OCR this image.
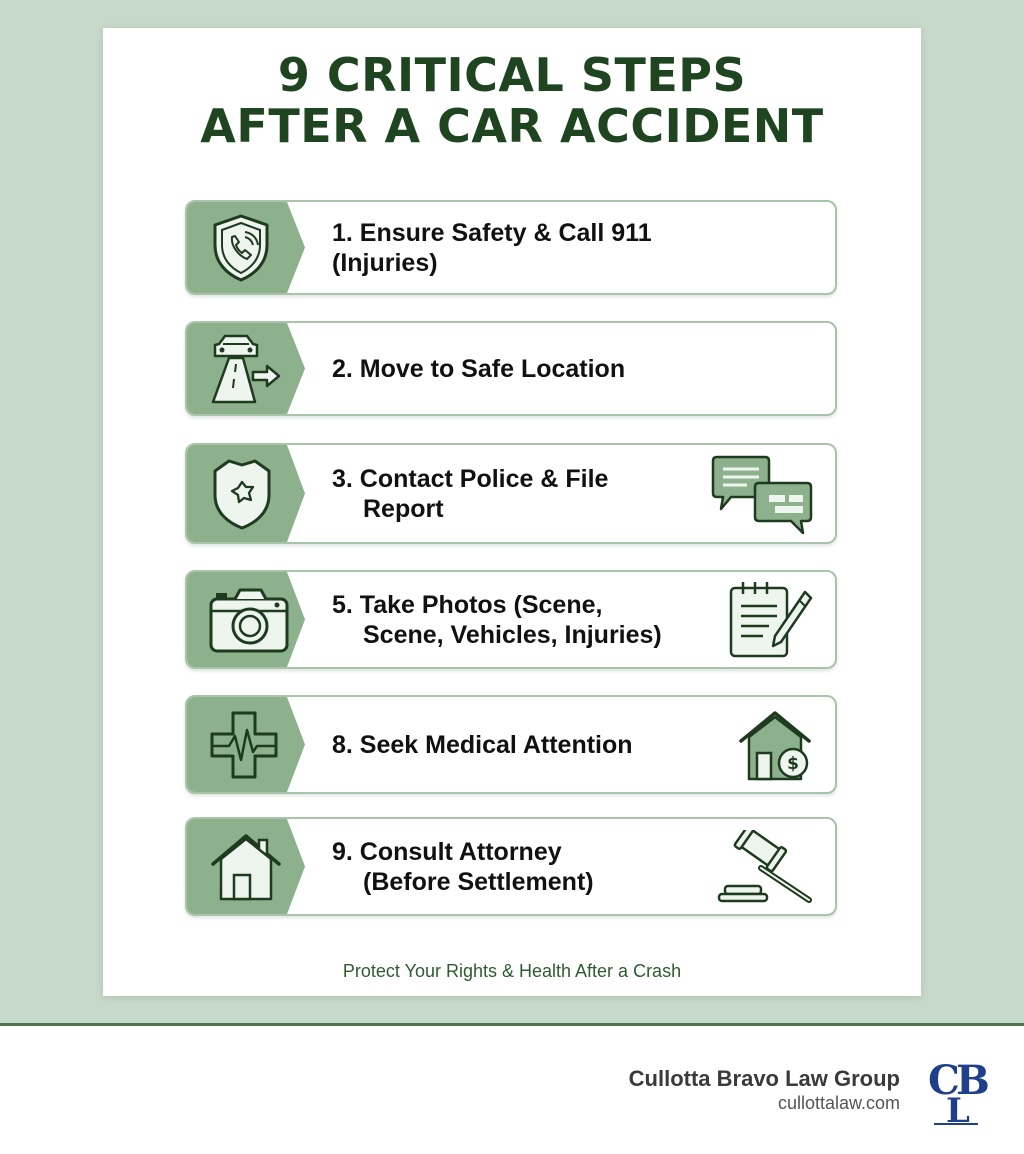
9 CRITICAL STEPS
AFTER A CAR ACCIDENT

1. Ensure Safety & Call 911 (Injuries)

2. Move to Safe Location

3. Contact Police & File
Report

5. Take Photos (Scene,
Scene, Vehicles, Injuries)

8. Seek Medical Attention

$

9. Consult Attorney
(Before Settlement)

Protect Your Rights & Health After a Crash
Cullotta Bravo Law Group
cullottalaw.com C
B
L
